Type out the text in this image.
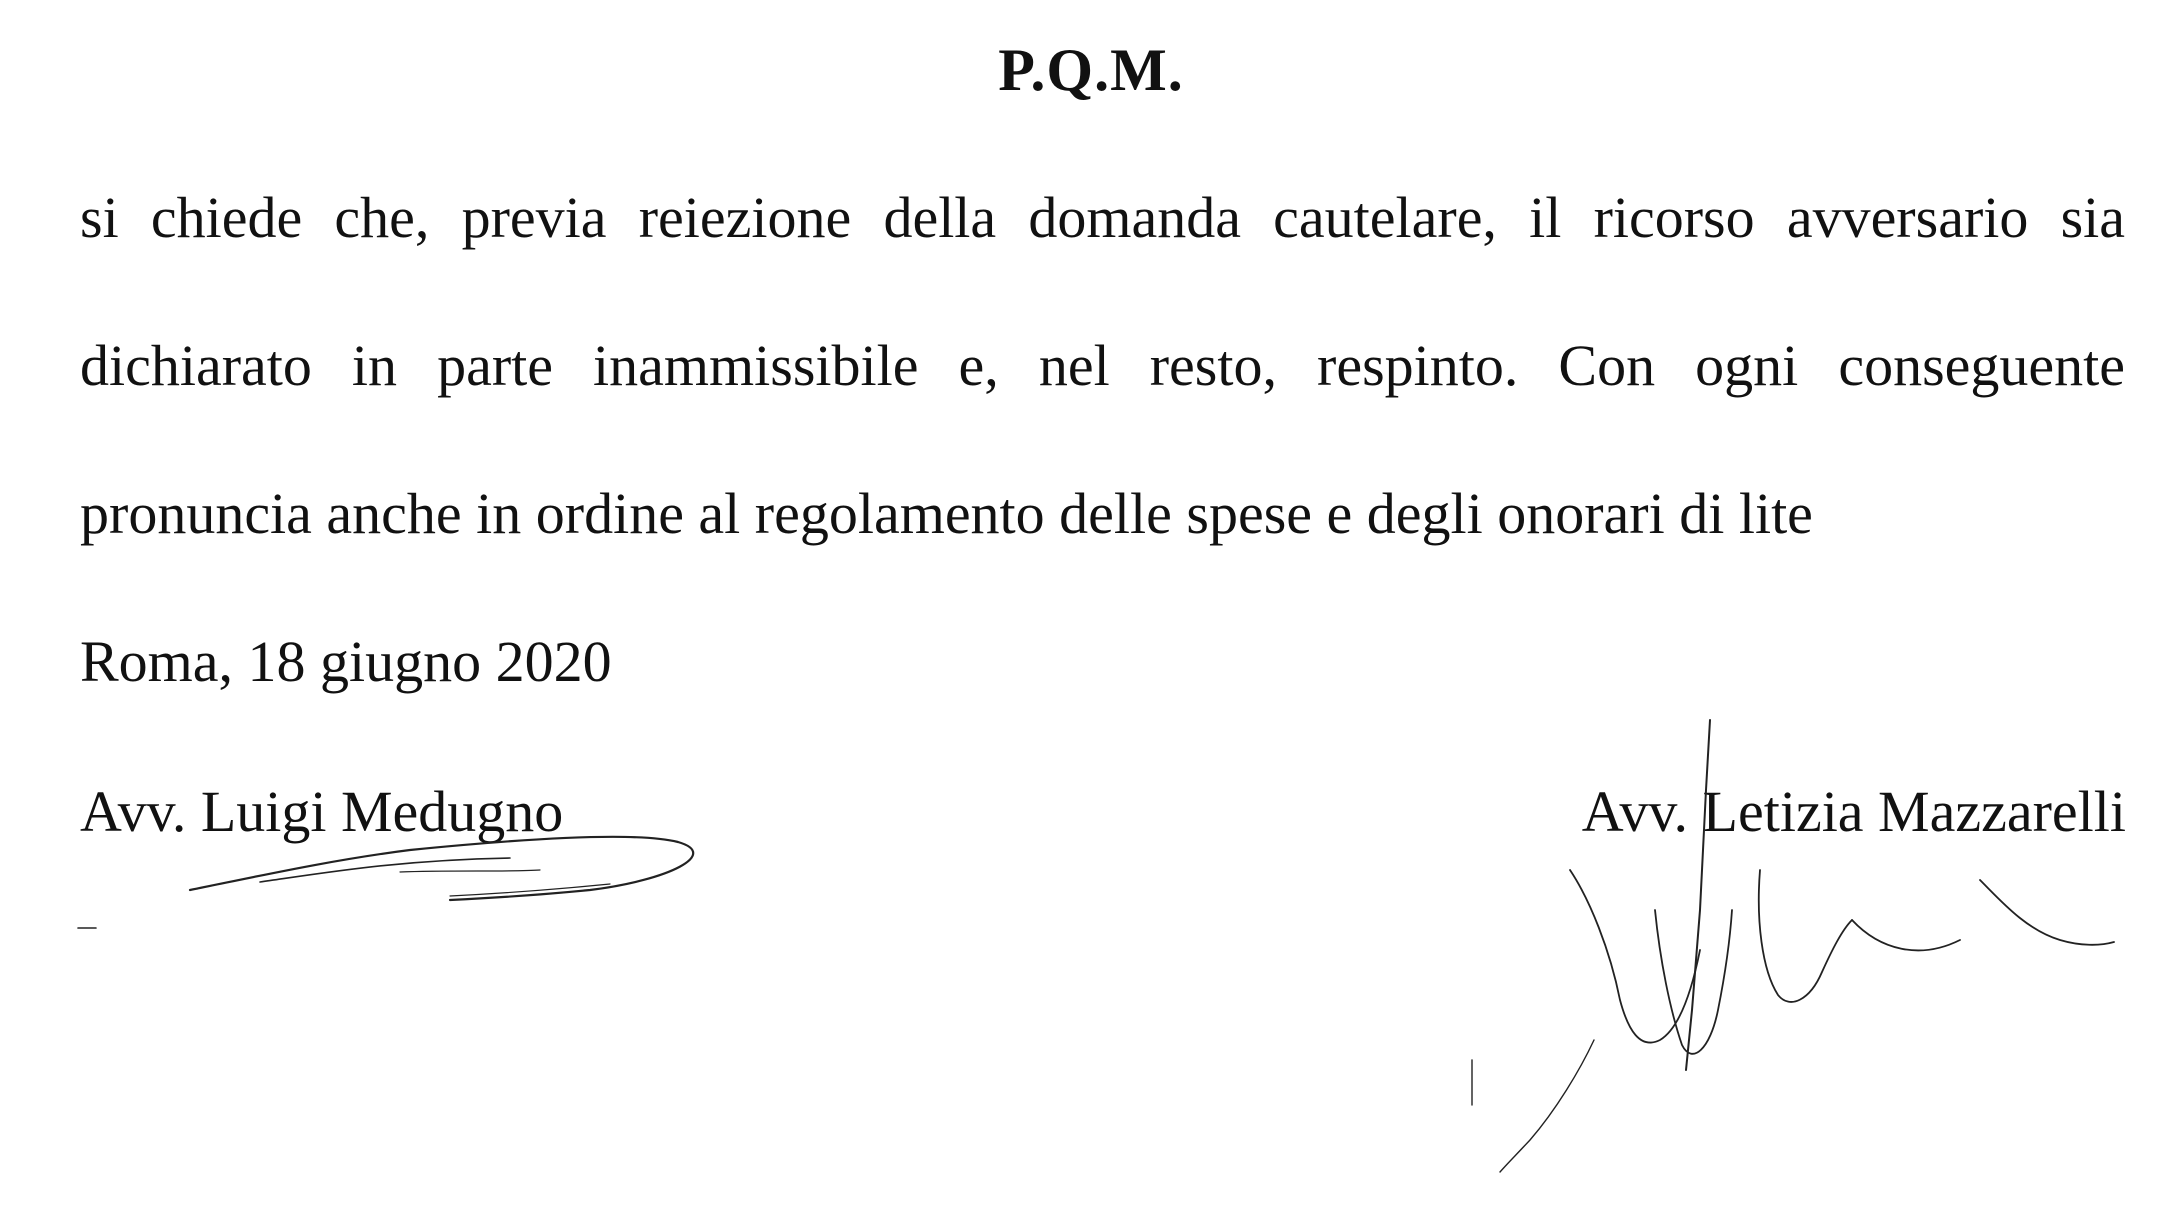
P.Q.M.
si chiede che, previa reiezione della domanda cautelare, il ricorso avversario sia
dichiarato in parte inammissibile e, nel resto, respinto. Con ogni conseguente
pronuncia anche in ordine al regolamento delle spese e degli onorari di lite
Roma, 18 giugno 2020
Avv. Luigi Medugno	Avv. Letizia Mazzarelli
